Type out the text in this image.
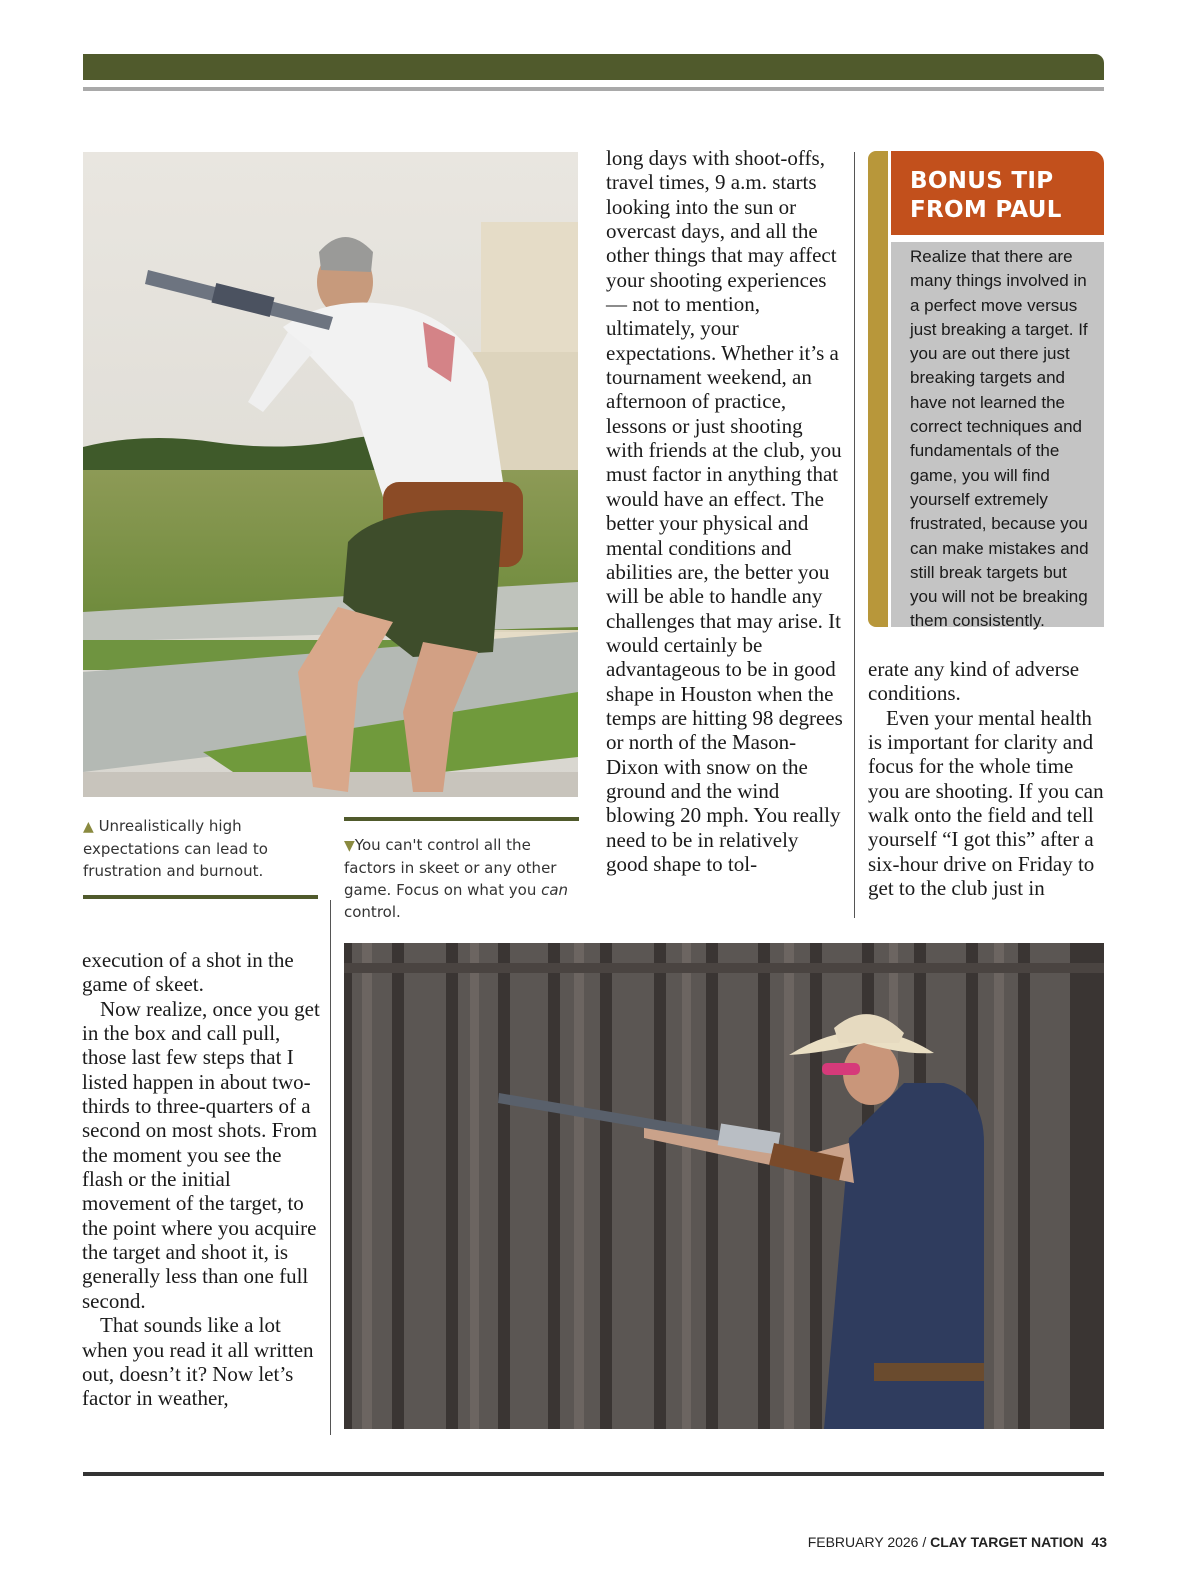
▲ Unrealistically high expectations can lead to frustration and burnout.
▼You can't control all the factors in skeet or any other game. Focus on what you can control.

long days with shoot-offs, travel times, 9 a.m. starts looking into the sun or overcast days, and all the other things that may affect your shooting experiences — not to mention, ultimately, your expectations. Whether it’s a tournament weekend, an afternoon of practice, lessons or just shooting with friends at the club, you must factor in anything that would have an effect. The better your physical and mental conditions and abilities are, the better you will be able to handle any challenges that may arise. It would certainly be advantageous to be in good shape in Houston when the temps are hitting 98 degrees or north of the Mason-Dixon with snow on the ground and the wind blowing 20 mph. You really need to be in relatively good shape to tol-

BONUS TIP
FROM PAUL

Realize that there are many things involved in a perfect move versus just breaking a target. If you are out there just breaking targets and have not learned the correct techniques and fundamentals of the game, you will find yourself extremely frustrated, because you can make mistakes and still break targets but you will not be breaking them consistently.

erate any kind of adverse conditions.

Even your mental health is important for clarity and focus for the whole time you are shooting. If you can walk onto the field and tell yourself “I got this” after a six-hour drive on Friday to get to the club just in

execution of a shot in the game of skeet.

Now realize, once you get in the box and call pull, those last few steps that I listed happen in about two-thirds to three-quarters of a second on most shots. From the moment you see the flash or the initial movement of the target, to the point where you acquire the target and shoot it, is generally less than one full second.

That sounds like a lot when you read it all written out, doesn’t it? Now let’s factor in weather,

FEBRUARY 2026 / CLAY TARGET NATION 43
